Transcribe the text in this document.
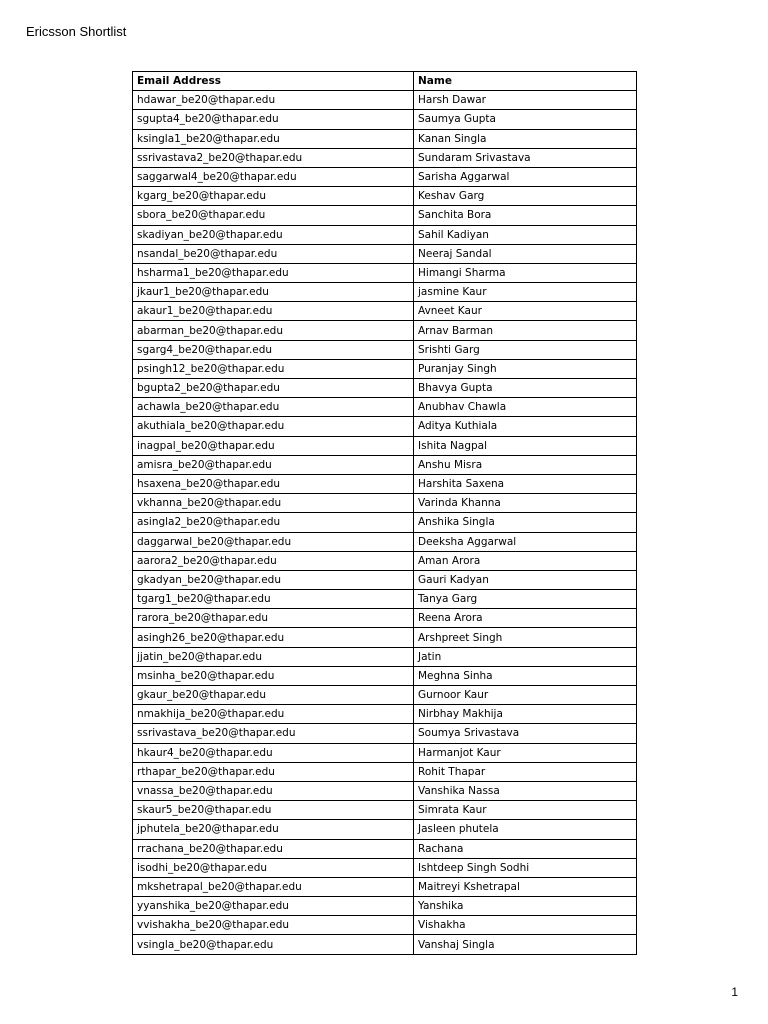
Ericsson Shortlist
Email Address	Name
hdawar_be20@thapar.edu	Harsh Dawar
sgupta4_be20@thapar.edu	Saumya Gupta
ksingla1_be20@thapar.edu	Kanan Singla
ssrivastava2_be20@thapar.edu	Sundaram Srivastava
saggarwal4_be20@thapar.edu	Sarisha Aggarwal
kgarg_be20@thapar.edu	Keshav Garg
sbora_be20@thapar.edu	Sanchita Bora
skadiyan_be20@thapar.edu	Sahil Kadiyan
nsandal_be20@thapar.edu	Neeraj Sandal
hsharma1_be20@thapar.edu	Himangi Sharma
jkaur1_be20@thapar.edu	jasmine Kaur
akaur1_be20@thapar.edu	Avneet Kaur
abarman_be20@thapar.edu	Arnav Barman
sgarg4_be20@thapar.edu	Srishti Garg
psingh12_be20@thapar.edu	Puranjay Singh
bgupta2_be20@thapar.edu	Bhavya Gupta
achawla_be20@thapar.edu	Anubhav Chawla
akuthiala_be20@thapar.edu	Aditya Kuthiala
inagpal_be20@thapar.edu	Ishita Nagpal
amisra_be20@thapar.edu	Anshu Misra
hsaxena_be20@thapar.edu	Harshita Saxena
vkhanna_be20@thapar.edu	Varinda Khanna
asingla2_be20@thapar.edu	Anshika Singla
daggarwal_be20@thapar.edu	Deeksha Aggarwal
aarora2_be20@thapar.edu	Aman Arora
gkadyan_be20@thapar.edu	Gauri Kadyan
tgarg1_be20@thapar.edu	Tanya Garg
rarora_be20@thapar.edu	Reena Arora
asingh26_be20@thapar.edu	Arshpreet Singh
jjatin_be20@thapar.edu	Jatin
msinha_be20@thapar.edu	Meghna Sinha
gkaur_be20@thapar.edu	Gurnoor Kaur
nmakhija_be20@thapar.edu	Nirbhay Makhija
ssrivastava_be20@thapar.edu	Soumya Srivastava
hkaur4_be20@thapar.edu	Harmanjot Kaur
rthapar_be20@thapar.edu	Rohit Thapar
vnassa_be20@thapar.edu	Vanshika Nassa
skaur5_be20@thapar.edu	Simrata Kaur
jphutela_be20@thapar.edu	Jasleen phutela
rrachana_be20@thapar.edu	Rachana
isodhi_be20@thapar.edu	Ishtdeep Singh Sodhi
mkshetrapal_be20@thapar.edu	Maitreyi Kshetrapal
yyanshika_be20@thapar.edu	Yanshika
vvishakha_be20@thapar.edu	Vishakha
vsingla_be20@thapar.edu	Vanshaj Singla
1
